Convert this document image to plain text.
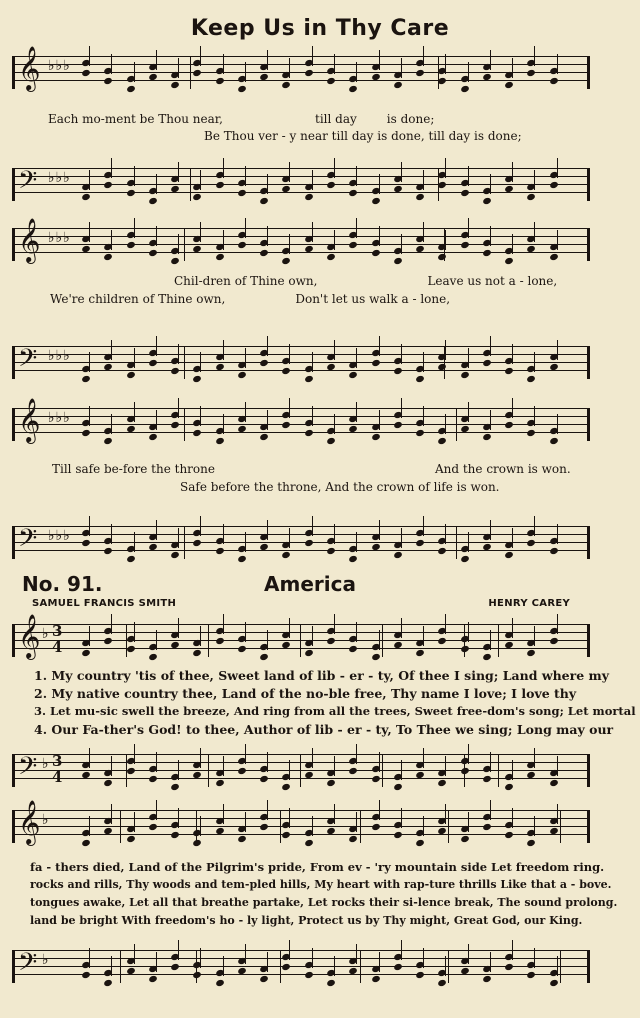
Keep Us in Thy Care
𝄞 ♭♭♭
Each mo-ment be Thou near,	till day	is done;
Be Thou ver - y near till day is done, till day is done;
𝄢 ♭♭♭
𝄞 ♭♭♭
Chil-dren of Thine own,	Leave us not a - lone,
We're children of Thine own,	Don't let us walk a - lone,
𝄢 ♭♭♭
𝄞 ♭♭♭
Till safe be-fore the throne	And the crown is won.
Safe before the throne, And the crown of life is won.
𝄢 ♭♭♭
No. 91.	America
SAMUEL FRANCIS SMITH	HENRY CAREY
𝄞 ♭ 3
4
1. My country 'tis of thee, Sweet land of lib - er - ty, Of thee I sing; Land where my
2. My native country thee, Land of the no-ble free, Thy name I love; I love thy
3. Let mu-sic swell the breeze, And ring from all the trees, Sweet free-dom's song; Let mortal
4. Our Fa-ther's God! to thee, Author of lib - er - ty, To Thee we sing; Long may our
𝄢 ♭ 3
4
𝄞 ♭
fa - thers died, Land of the Pilgrim's pride, From ev - 'ry mountain side Let freedom ring.
rocks and rills, Thy woods and tem-pled hills, My heart with rap-ture thrills Like that a - bove.
tongues awake, Let all that breathe partake, Let rocks their si-lence break, The sound prolong.
land be bright With freedom's ho - ly light, Protect us by Thy might, Great God, our King.
𝄢 ♭
